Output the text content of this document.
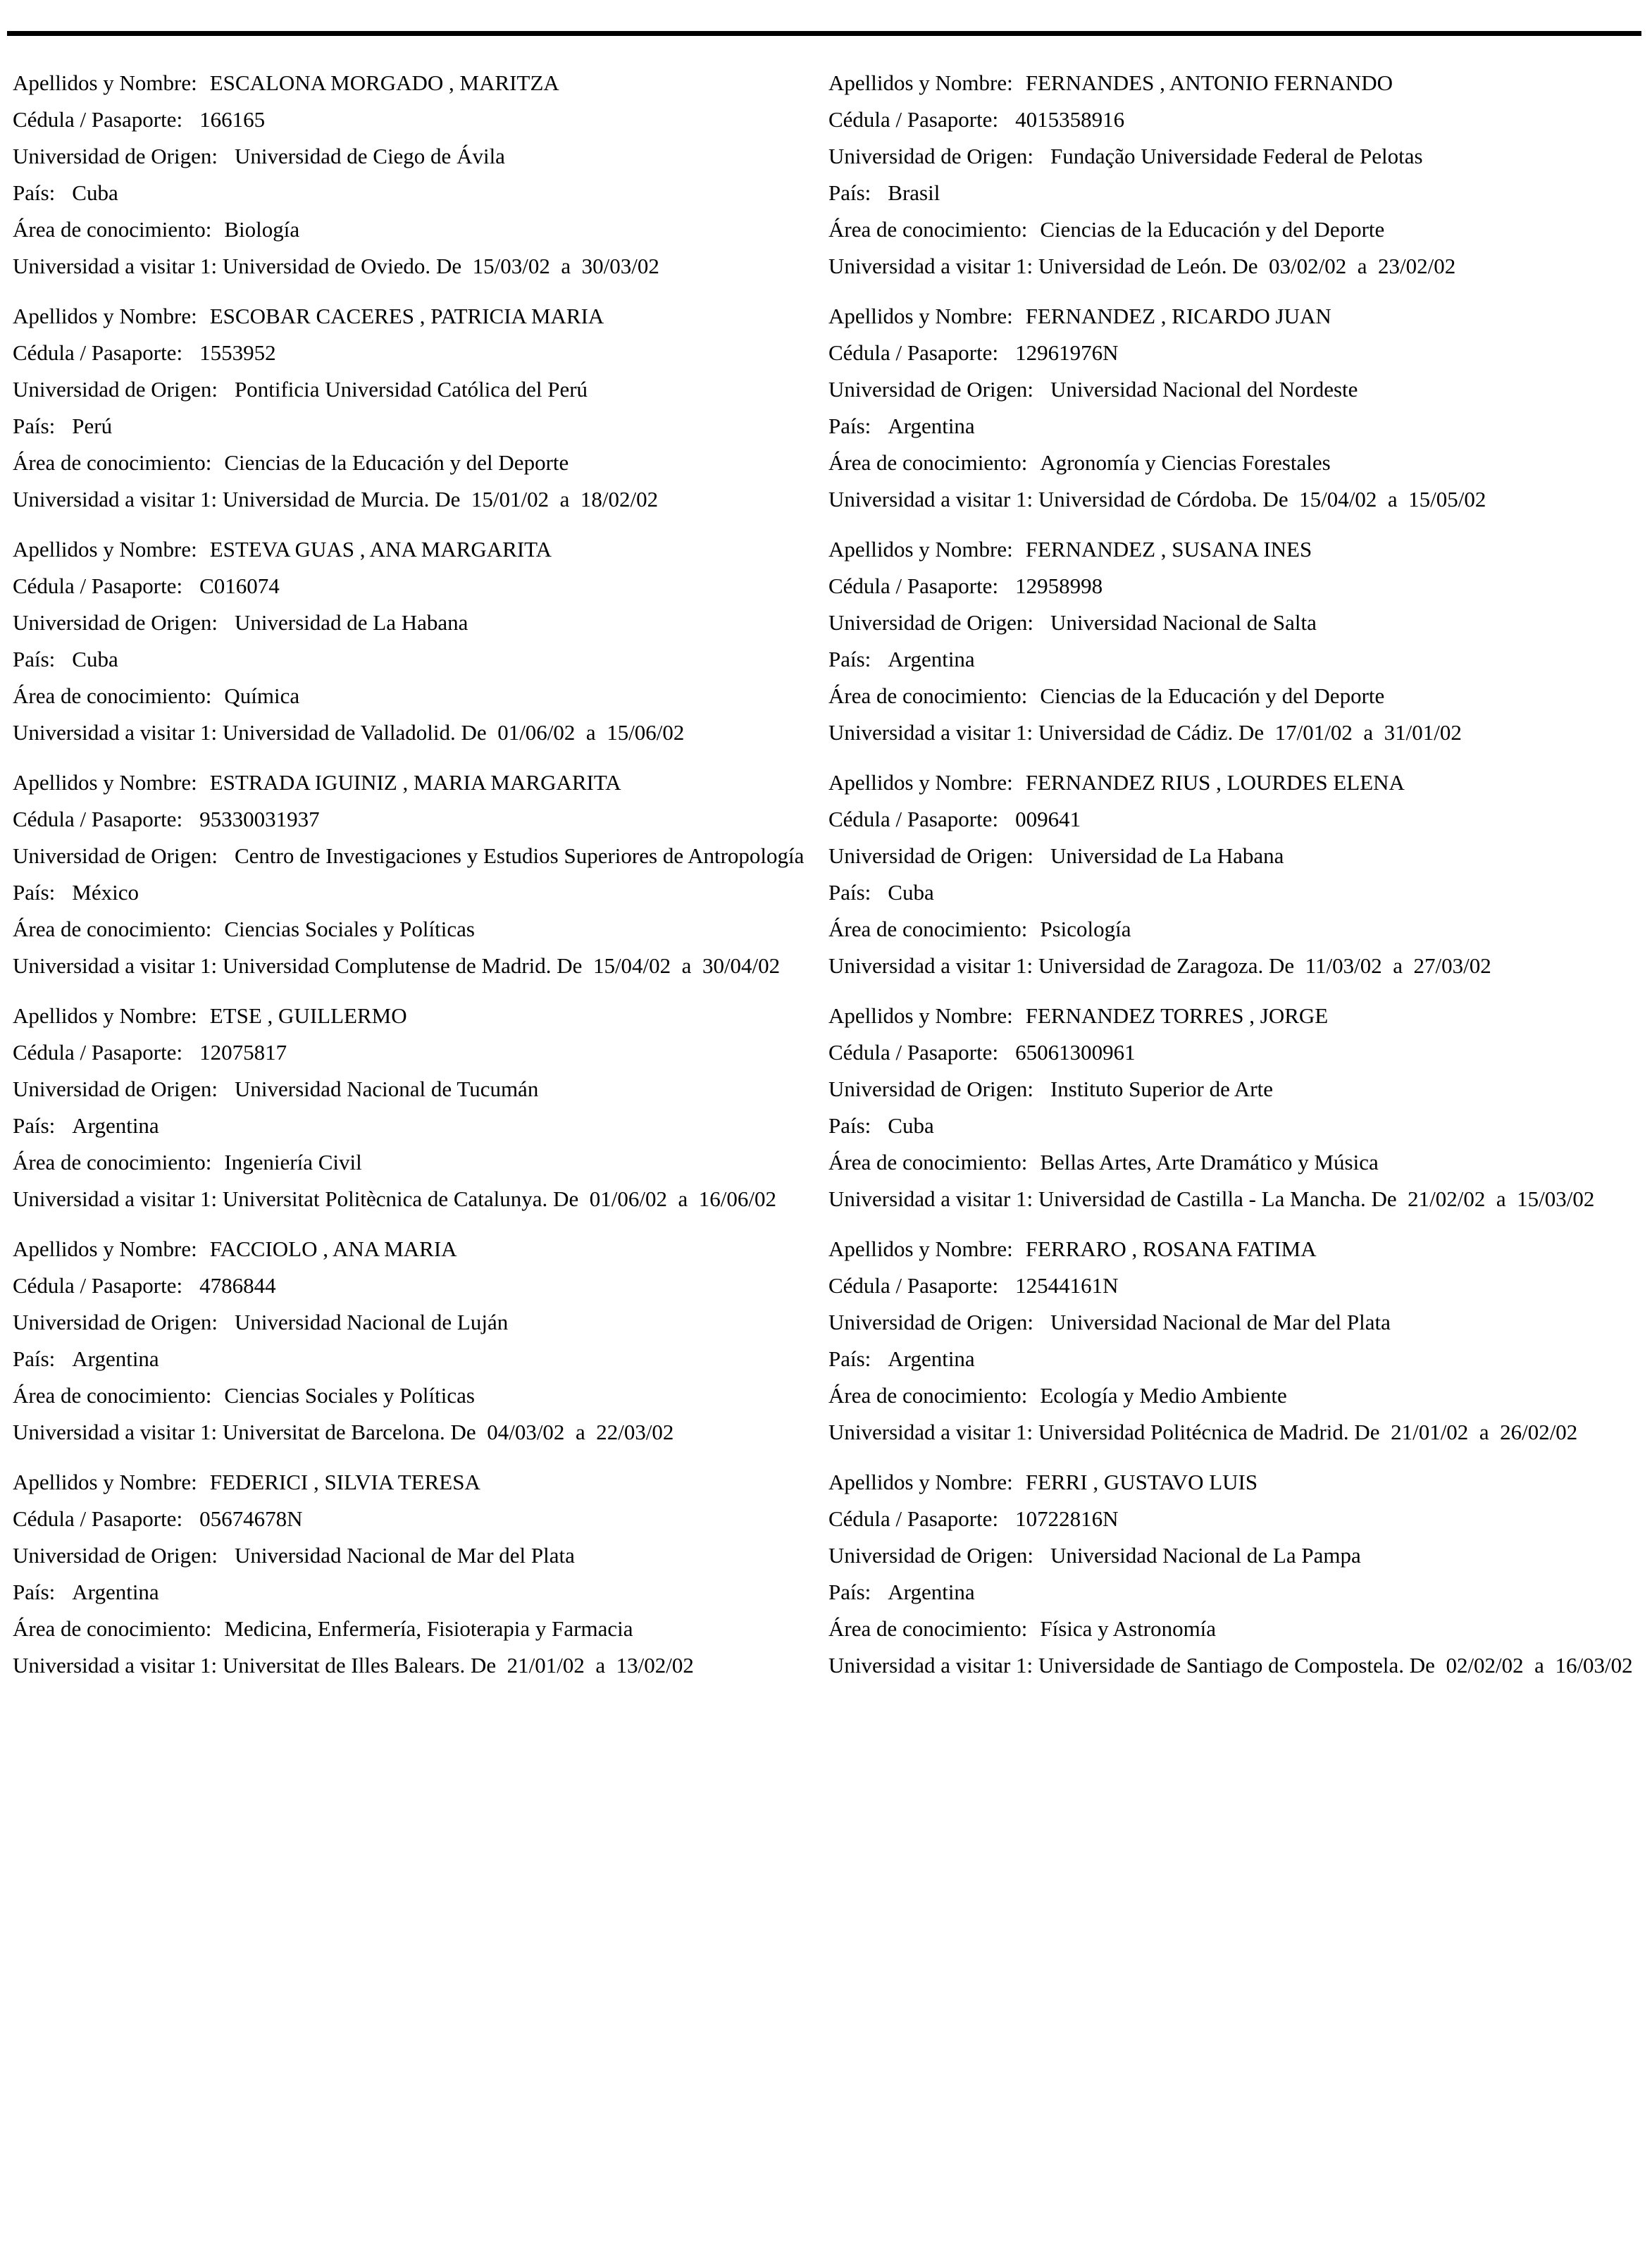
Apellidos y Nombre: ESCALONA MORGADO , MARITZA
Cédula / Pasaporte: 166165
Universidad de Origen: Universidad de Ciego de Ávila
País: Cuba
Área de conocimiento: Biología
Universidad a visitar 1: Universidad de Oviedo. De 15/03/02 a 30/03/02
Apellidos y Nombre: ESCOBAR CACERES , PATRICIA MARIA
Cédula / Pasaporte: 1553952
Universidad de Origen: Pontificia Universidad Católica del Perú
País: Perú
Área de conocimiento: Ciencias de la Educación y del Deporte
Universidad a visitar 1: Universidad de Murcia. De 15/01/02 a 18/02/02
Apellidos y Nombre: ESTEVA GUAS , ANA MARGARITA
Cédula / Pasaporte: C016074
Universidad de Origen: Universidad de La Habana
País: Cuba
Área de conocimiento: Química
Universidad a visitar 1: Universidad de Valladolid. De 01/06/02 a 15/06/02
Apellidos y Nombre: ESTRADA IGUINIZ , MARIA MARGARITA
Cédula / Pasaporte: 95330031937
Universidad de Origen: Centro de Investigaciones y Estudios Superiores de Antropología
País: México
Área de conocimiento: Ciencias Sociales y Políticas
Universidad a visitar 1: Universidad Complutense de Madrid. De 15/04/02 a 30/04/02
Apellidos y Nombre: ETSE , GUILLERMO
Cédula / Pasaporte: 12075817
Universidad de Origen: Universidad Nacional de Tucumán
País: Argentina
Área de conocimiento: Ingeniería Civil
Universidad a visitar 1: Universitat Politècnica de Catalunya. De 01/06/02 a 16/06/02
Apellidos y Nombre: FACCIOLO , ANA MARIA
Cédula / Pasaporte: 4786844
Universidad de Origen: Universidad Nacional de Luján
País: Argentina
Área de conocimiento: Ciencias Sociales y Políticas
Universidad a visitar 1: Universitat de Barcelona. De 04/03/02 a 22/03/02
Apellidos y Nombre: FEDERICI , SILVIA TERESA
Cédula / Pasaporte: 05674678N
Universidad de Origen: Universidad Nacional de Mar del Plata
País: Argentina
Área de conocimiento: Medicina, Enfermería, Fisioterapia y Farmacia
Universidad a visitar 1: Universitat de Illes Balears. De 21/01/02 a 13/02/02
Apellidos y Nombre: FERNANDES , ANTONIO FERNANDO
Cédula / Pasaporte: 4015358916
Universidad de Origen: Fundação Universidade Federal de Pelotas
País: Brasil
Área de conocimiento: Ciencias de la Educación y del Deporte
Universidad a visitar 1: Universidad de León. De 03/02/02 a 23/02/02
Apellidos y Nombre: FERNANDEZ , RICARDO JUAN
Cédula / Pasaporte: 12961976N
Universidad de Origen: Universidad Nacional del Nordeste
País: Argentina
Área de conocimiento: Agronomía y Ciencias Forestales
Universidad a visitar 1: Universidad de Córdoba. De 15/04/02 a 15/05/02
Apellidos y Nombre: FERNANDEZ , SUSANA INES
Cédula / Pasaporte: 12958998
Universidad de Origen: Universidad Nacional de Salta
País: Argentina
Área de conocimiento: Ciencias de la Educación y del Deporte
Universidad a visitar 1: Universidad de Cádiz. De 17/01/02 a 31/01/02
Apellidos y Nombre: FERNANDEZ RIUS , LOURDES ELENA
Cédula / Pasaporte: 009641
Universidad de Origen: Universidad de La Habana
País: Cuba
Área de conocimiento: Psicología
Universidad a visitar 1: Universidad de Zaragoza. De 11/03/02 a 27/03/02
Apellidos y Nombre: FERNANDEZ TORRES , JORGE
Cédula / Pasaporte: 65061300961
Universidad de Origen: Instituto Superior de Arte
País: Cuba
Área de conocimiento: Bellas Artes, Arte Dramático y Música
Universidad a visitar 1: Universidad de Castilla - La Mancha. De 21/02/02 a 15/03/02
Apellidos y Nombre: FERRARO , ROSANA FATIMA
Cédula / Pasaporte: 12544161N
Universidad de Origen: Universidad Nacional de Mar del Plata
País: Argentina
Área de conocimiento: Ecología y Medio Ambiente
Universidad a visitar 1: Universidad Politécnica de Madrid. De 21/01/02 a 26/02/02
Apellidos y Nombre: FERRI , GUSTAVO LUIS
Cédula / Pasaporte: 10722816N
Universidad de Origen: Universidad Nacional de La Pampa
País: Argentina
Área de conocimiento: Física y Astronomía
Universidad a visitar 1: Universidade de Santiago de Compostela. De 02/02/02 a 16/03/02
